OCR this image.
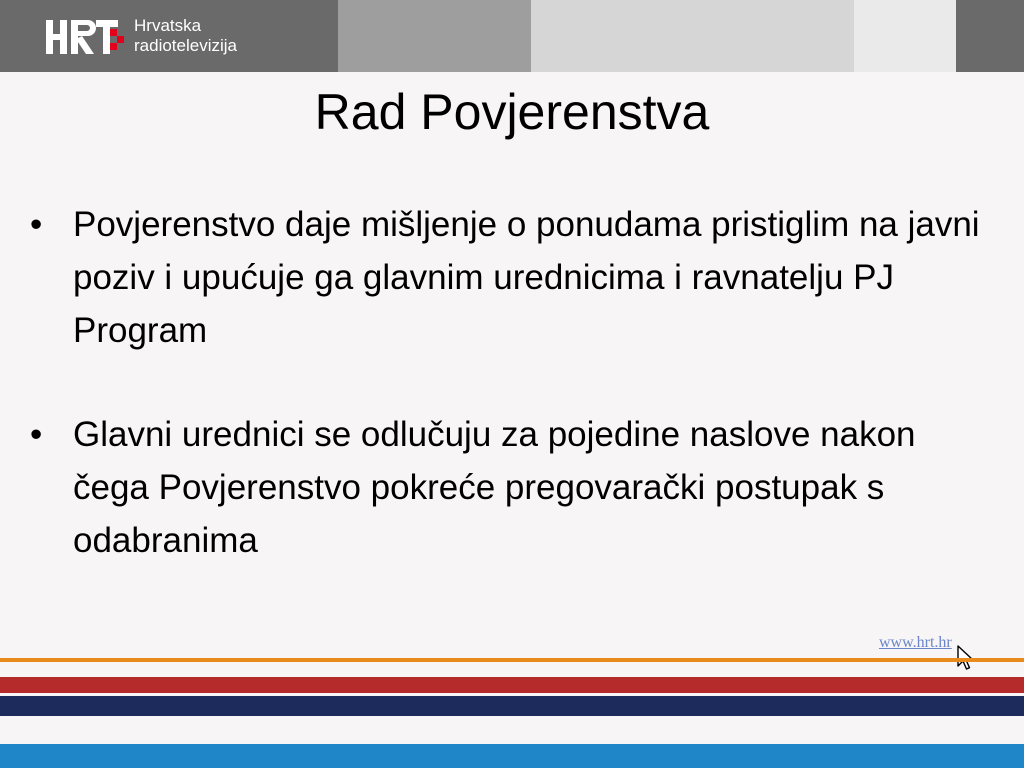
Hrvatska
radiotelevizija
Rad Povjerenstva
• Povjerenstvo daje mišljenje o ponudama pristiglim na javni poziv i upućuje ga glavnim urednicima i ravnatelju PJ Program
• Glavni urednici se odlučuju za pojedine naslove nakon čega Povjerenstvo pokreće pregovarački postupak s odabranima
www.hrt.hr
